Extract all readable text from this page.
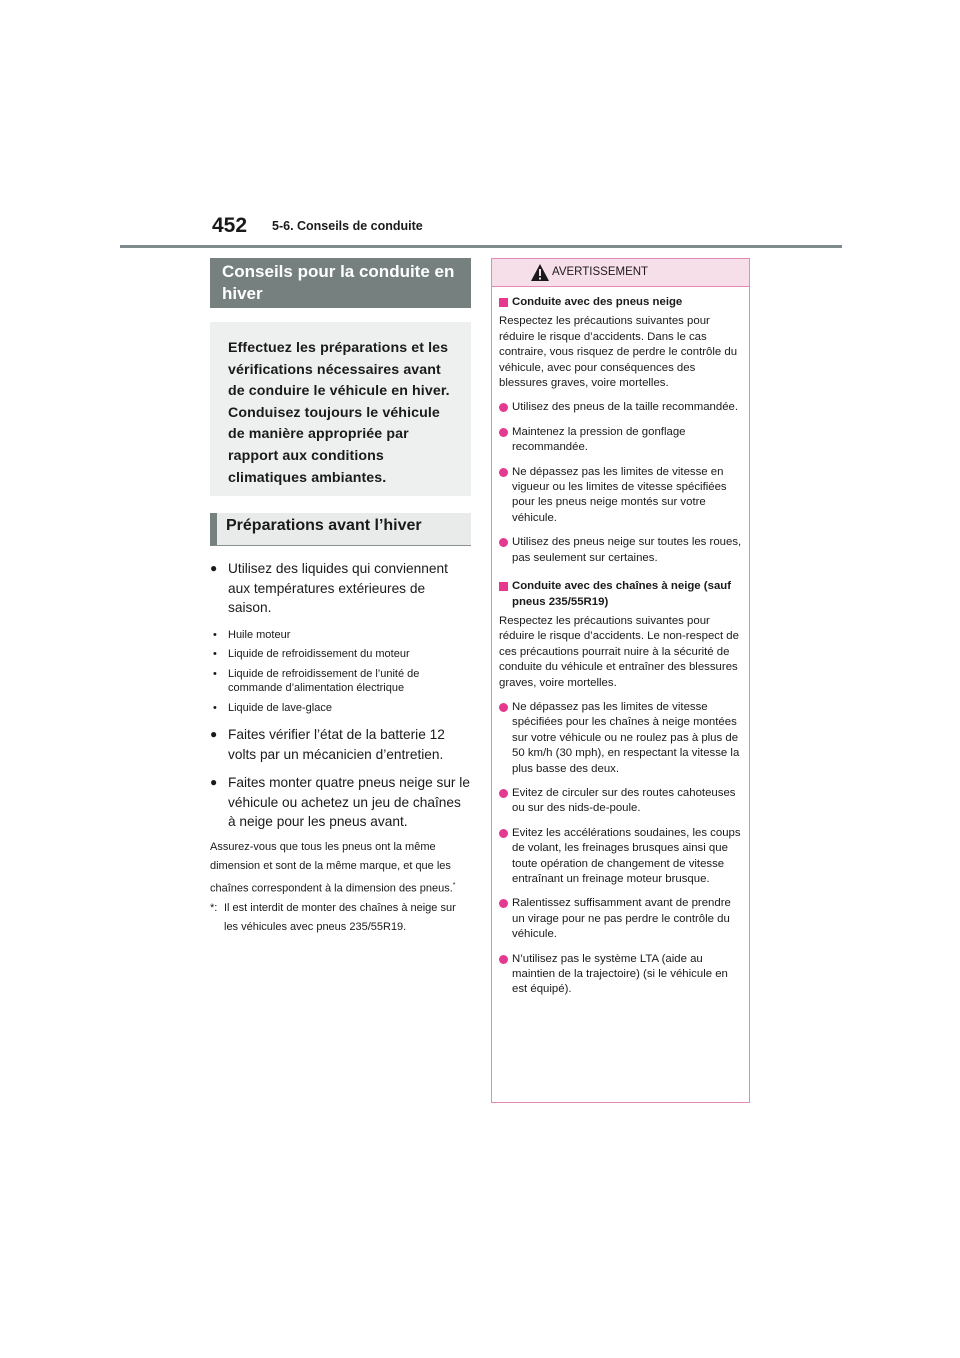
452 5-6. Conseils de conduite
Conseils pour la conduite en hiver

Effectuez les préparations et les vérifications nécessaires avant de conduire le véhicule en hiver. Conduisez toujours le véhicule de manière appropriée par rapport aux conditions climatiques ambiantes.

Préparations avant l’hiver
● Utilisez des liquides qui conviennent aux températures extérieures de saison.
• Huile moteur
• Liquide de refroidissement du moteur
• Liquide de refroidissement de l’unité de commande d’alimentation électrique
• Liquide de lave-glace
● Faites vérifier l’état de la batterie 12 volts par un mécanicien d’entretien.
● Faites monter quatre pneus neige sur le véhicule ou achetez un jeu de chaînes à neige pour les pneus avant.
Assurez-vous que tous les pneus ont la même dimension et sont de la même marque, et que les chaînes correspondent à la dimension des pneus.*
*: Il est interdit de monter des chaînes à neige sur les véhicules avec pneus 235/55R19.
AVERTISSEMENT
Conduite avec des pneus neige
Respectez les précautions suivantes pour réduire le risque d’accidents. Dans le cas contraire, vous risquez de perdre le contrôle du véhicule, avec pour conséquences des blessures graves, voire mortelles.
Utilisez des pneus de la taille recommandée.
Maintenez la pression de gonflage recommandée.
Ne dépassez pas les limites de vitesse en vigueur ou les limites de vitesse spécifiées pour les pneus neige montés sur votre véhicule.
Utilisez des pneus neige sur toutes les roues, pas seulement sur certaines.
Conduite avec des chaînes à neige (sauf pneus 235/55R19)
Respectez les précautions suivantes pour réduire le risque d’accidents. Le non-respect de ces précautions pourrait nuire à la sécurité de conduite du véhicule et entraîner des blessures graves, voire mortelles.
Ne dépassez pas les limites de vitesse spécifiées pour les chaînes à neige montées sur votre véhicule ou ne roulez pas à plus de 50 km/h (30 mph), en respectant la vitesse la plus basse des deux.
Evitez de circuler sur des routes cahoteuses ou sur des nids-de-poule.
Evitez les accélérations soudaines, les coups de volant, les freinages brusques ainsi que toute opération de changement de vitesse entraînant un freinage moteur brusque.
Ralentissez suffisamment avant de prendre un virage pour ne pas perdre le contrôle du véhicule.
N’utilisez pas le système LTA (aide au maintien de la trajectoire) (si le véhicule en est équipé).
